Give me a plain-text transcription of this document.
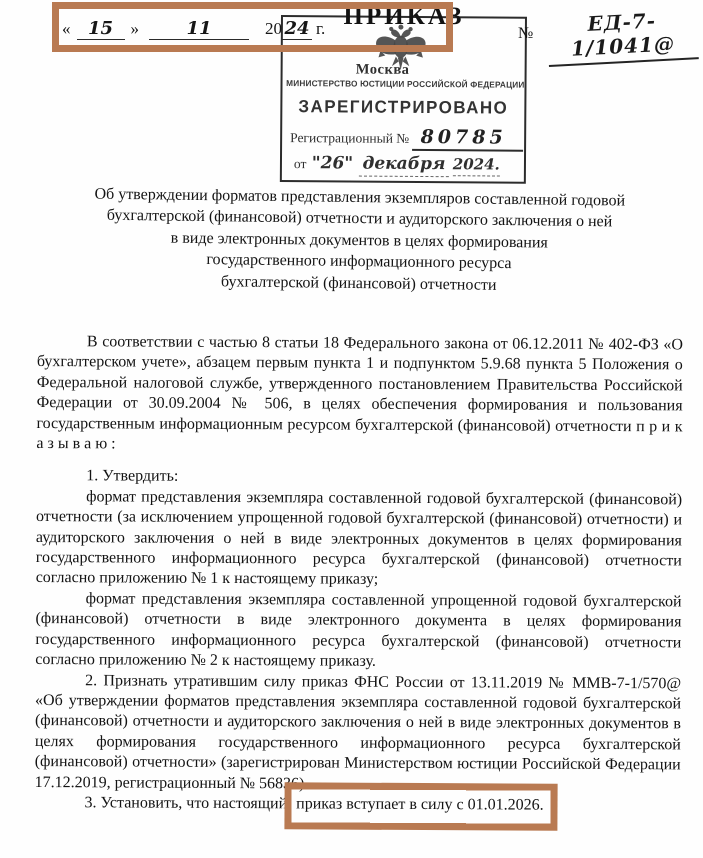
« 15 »	11	20 24 г. ПРИКАЗ
№	ЕД-7-1/1041@
Москва
МИНИСТЕРСТВО ЮСТИЦИИ РОССИЙСКОЙ ФЕДЕРАЦИИ
ЗАРЕГИСТРИРОВАНО
Регистрационный № 80785
от "26" декабря 2024.
Об утверждении форматов представления экземпляров составленной годовой
бухгалтерской (финансовой) отчетности и аудиторского заключения о ней
в виде электронных документов в целях формирования
государственного информационного ресурса
бухгалтерской (финансовой) отчетности

В соответствии с частью 8 статьи 18 Федерального закона от 06.12.2011 № 402-ФЗ «О бухгалтерском учете», абзацем первым пункта 1 и подпунктом 5.9.68 пункта 5 Положения о Федеральной налоговой службе, утвержденного постановлением Правительства Российской Федерации от 30.09.2004 № 506, в целях обеспечения формирования и пользования государственным информационным ресурсом бухгалтерской (финансовой) отчетности п р и к а з ы в а ю :

1. Утвердить:

формат представления экземпляра составленной годовой бухгалтерской (финансовой) отчетности (за исключением упрощенной годовой бухгалтерской (финансовой) отчетности) и аудиторского заключения о ней в виде электронных документов в целях формирования государственного информационного ресурса бухгалтерской (финансовой) отчетности согласно приложению № 1 к настоящему приказу;

формат представления экземпляра составленной упрощенной годовой бухгалтерской (финансовой) отчетности в виде электронного документа в целях формирования государственного информационного ресурса бухгалтерской (финансовой) отчетности согласно приложению № 2 к настоящему приказу.

2. Признать утратившим силу приказ ФНС России от 13.11.2019 № ММВ-7-1/570@ «Об утверждении форматов представления экземпляра составленной годовой бухгалтерской (финансовой) отчетности и аудиторского заключения о ней в виде электронных документов в целях формирования государственного информационного ресурса бухгалтерской (финансовой) отчетности» (зарегистрирован Министерством юстиции Российской Федерации 17.12.2019, регистрационный № 56836).

3. Установить, что настоящий приказ вступает в силу с 01.01.2026.
